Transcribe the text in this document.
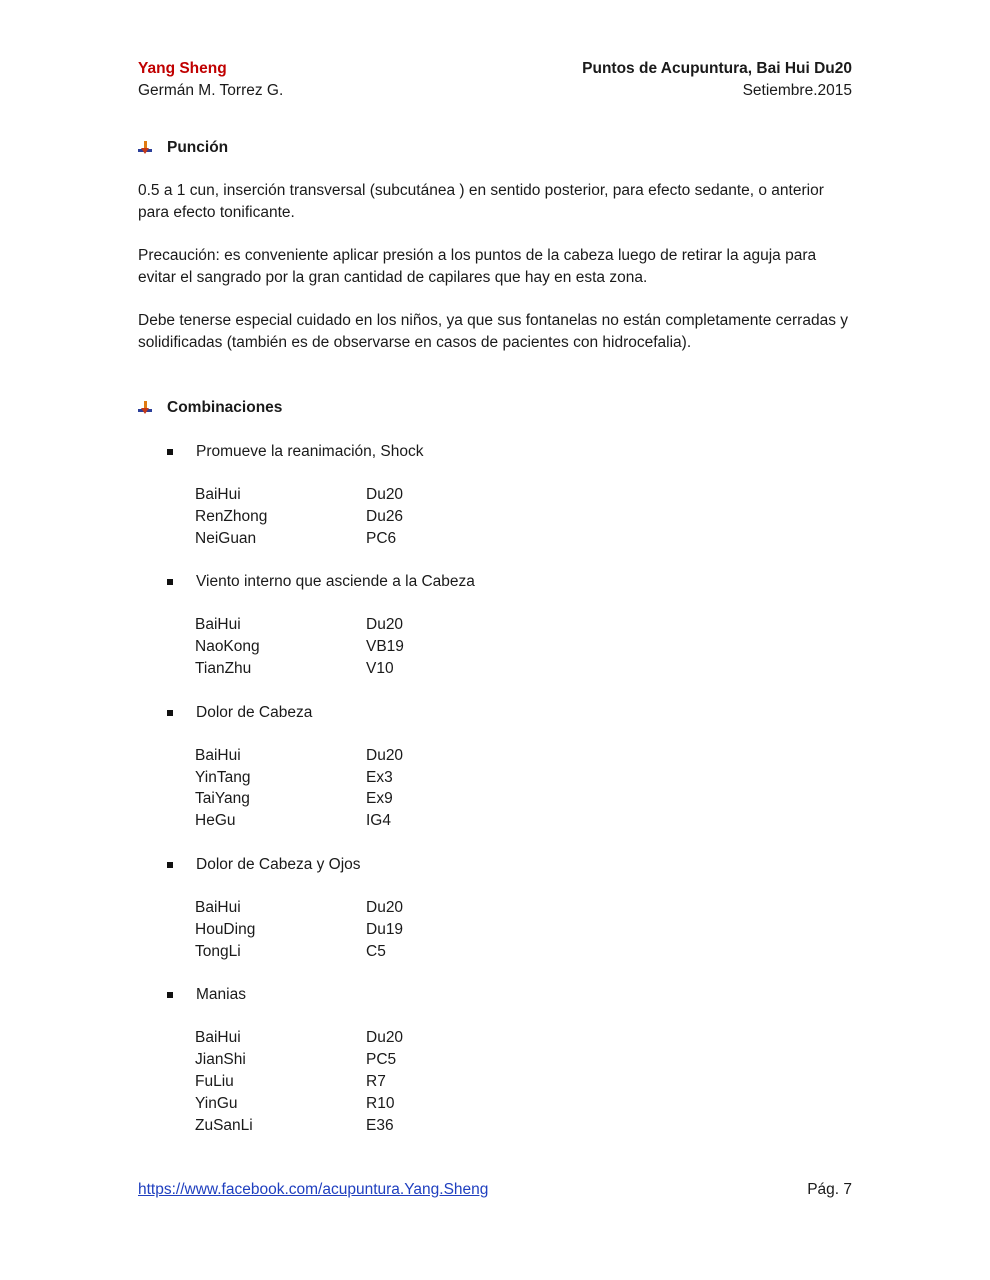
Yang Sheng	Puntos de Acupuntura, Bai Hui Du20
Germán M. Torrez G.	Setiembre.2015
Punción

0.5 a 1 cun, inserción transversal (subcutánea ) en sentido posterior, para efecto sedante, o anterior para efecto tonificante.

Precaución: es conveniente aplicar presión a los puntos de la cabeza luego de retirar la aguja para evitar el sangrado por la gran cantidad de capilares que hay en esta zona.

Debe tenerse especial cuidado en los niños, ya que sus fontanelas no están completamente cerradas y solidificadas (también es de observarse en casos de pacientes con hidrocefalia).

Combinaciones
Promueve la reanimación, Shock
BaiHui	Du20
RenZhong	Du26
NeiGuan	PC6
Viento interno que asciende a la Cabeza
BaiHui	Du20
NaoKong	VB19
TianZhu	V10
Dolor de Cabeza
BaiHui	Du20
YinTang	Ex3
TaiYang	Ex9
HeGu	IG4
Dolor de Cabeza y Ojos
BaiHui	Du20
HouDing	Du19
TongLi	C5
Manias
BaiHui	Du20
JianShi	PC5
FuLiu	R7
YinGu	R10
ZuSanLi	E36
https://www.facebook.com/acupuntura.Yang.Sheng	Pág. 7
